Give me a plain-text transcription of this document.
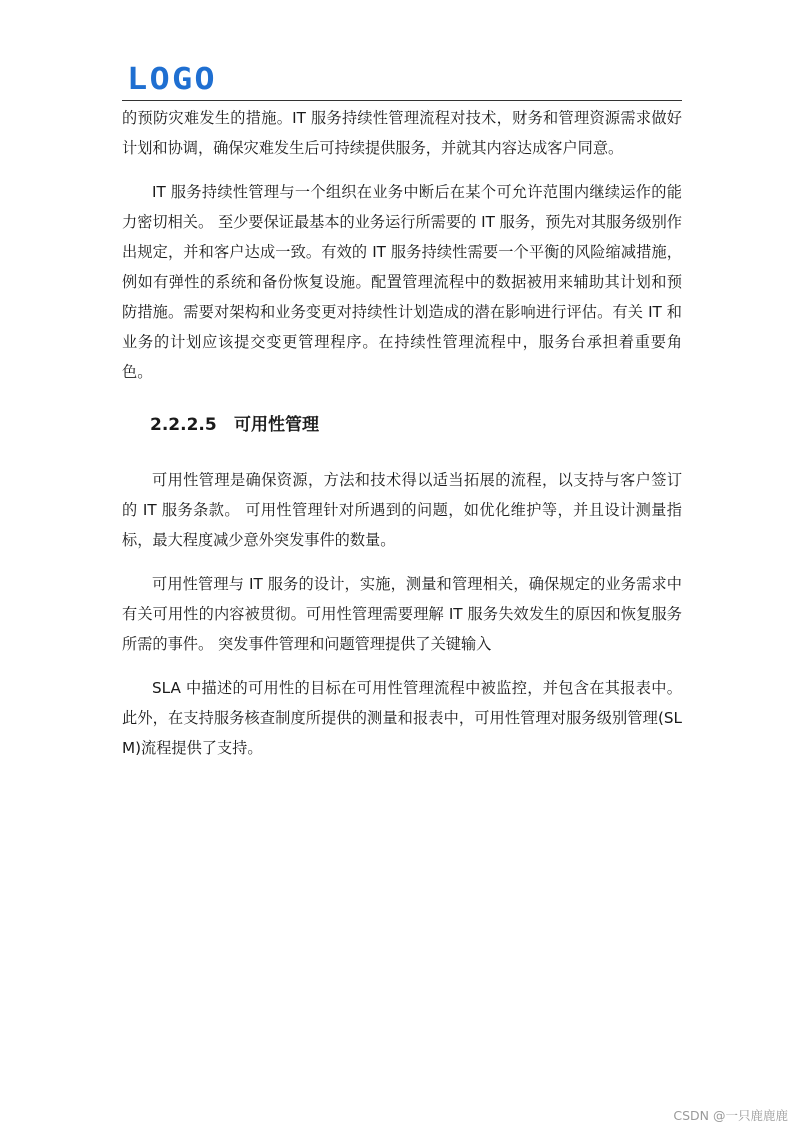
LOGO

的预防灾难发生的措施。IT 服务持续性管理流程对技术，财务和管理资源需求做好计划和协调，确保灾难发生后可持续提供服务，并就其内容达成客户同意。

IT 服务持续性管理与一个组织在业务中断后在某个可允许范围内继续运作的能力密切相关。 至少要保证最基本的业务运行所需要的 IT 服务，预先对其服务级别作出规定，并和客户达成一致。有效的 IT 服务持续性需要一个平衡的风险缩减措施，例如有弹性的系统和备份恢复设施。配置管理流程中的数据被用来辅助其计划和预防措施。需要对架构和业务变更对持续性计划造成的潜在影响进行评估。有关 IT 和业务的计划应该提交变更管理程序。在持续性管理流程中，服务台承担着重要角色。

2.2.2.5 可用性管理

可用性管理是确保资源，方法和技术得以适当拓展的流程，以支持与客户签订的 IT 服务条款。 可用性管理针对所遇到的问题，如优化维护等，并且设计测量指标，最大程度减少意外突发事件的数量。

可用性管理与 IT 服务的设计，实施，测量和管理相关，确保规定的业务需求中有关可用性的内容被贯彻。可用性管理需要理解 IT 服务失效发生的原因和恢复服务所需的事件。 突发事件管理和问题管理提供了关键输入

SLA 中描述的可用性的目标在可用性管理流程中被监控，并包含在其报表中。 此外，在支持服务核查制度所提供的测量和报表中，可用性管理对服务级别管理(SLM)流程提供了支持。

CSDN @一只鹿鹿鹿
